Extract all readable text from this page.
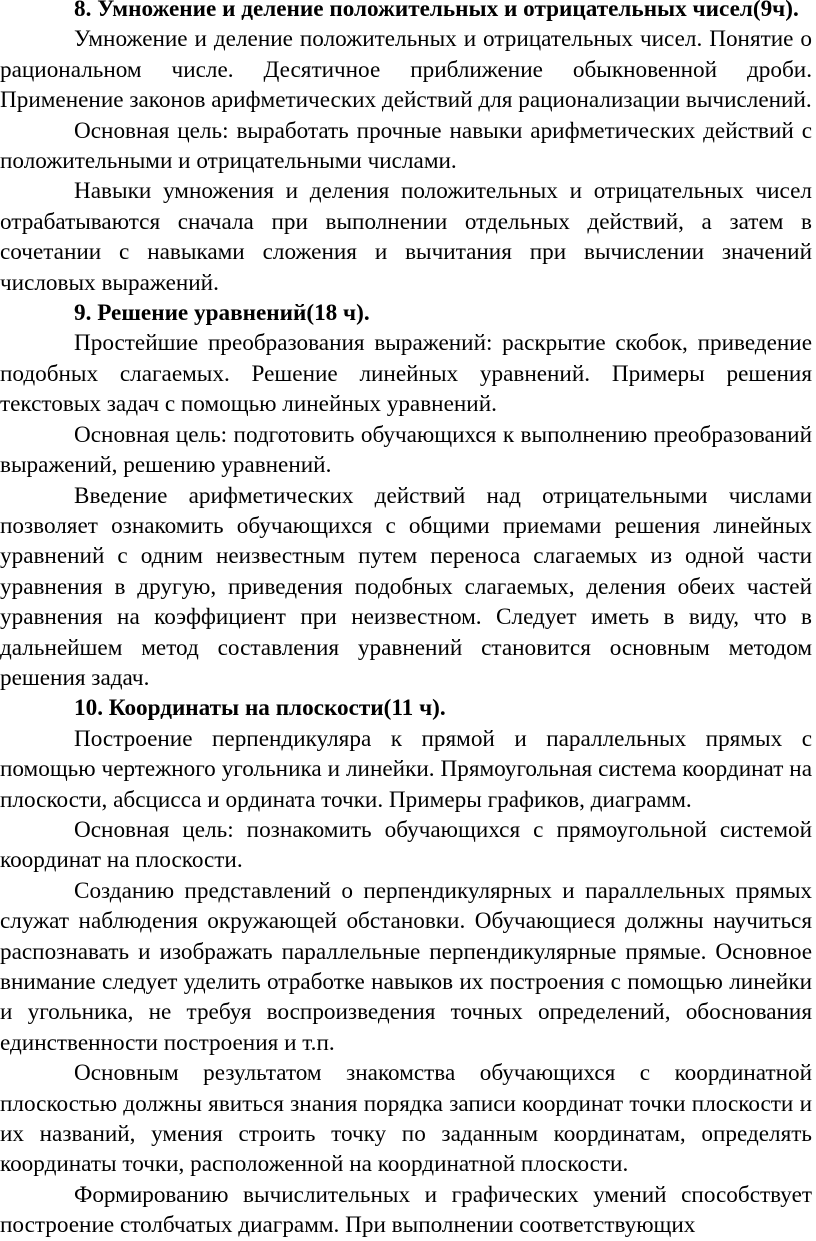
8. Умножение и деление положительных и отрицательных чисел(9ч).

Умножение и деление положительных и отрицательных чисел. Понятие о рациональном числе. Десятичное приближение обыкновенной дроби. Применение законов арифметических действий для рационализации вычислений.

Основная цель: выработать прочные навыки арифметических действий с положительными и отрицательными числами.

Навыки умножения и деления положительных и отрицательных чисел отрабатываются сначала при выполнении отдельных действий, а затем в сочетании с навыками сложения и вычитания при вычислении значений числовых выражений.

9. Решение уравнений(18 ч).

Простейшие преобразования выражений: раскрытие скобок, приведение подобных слагаемых. Решение линейных уравнений. Примеры решения текстовых задач с помощью линейных уравнений.

Основная цель: подготовить обучающихся к выполнению преобразований выражений, решению уравнений.

Введение арифметических действий над отрицательными числами позволяет ознакомить обучающихся с общими приемами решения линейных уравнений с одним неизвестным путем переноса слагаемых из одной части уравнения в другую, приведения подобных слагаемых, деления обеих частей уравнения на коэффициент при неизвестном. Следует иметь в виду, что в дальнейшем метод составления уравнений становится основным методом решения задач.

10. Координаты на плоскости(11 ч).

Построение перпендикуляра к прямой и параллельных прямых с помощью чертежного угольника и линейки. Прямоугольная система координат на плоскости, абсцисса и ордината точки. Примеры графиков, диаграмм.

Основная цель: познакомить обучающихся с прямоугольной системой координат на плоскости.

Созданию представлений о перпендикулярных и параллельных прямых служат наблюдения окружающей обстановки. Обучающиеся должны научиться распознавать и изображать параллельные перпендикулярные прямые. Основное внимание следует уделить отработке навыков их построения с помощью линейки и угольника, не требуя воспроизведения точных определений, обоснования единственности построения и т.п.

Основным результатом знакомства обучающихся с координатной плоскостью должны явиться знания порядка записи координат точки плоскости и их названий, умения строить точку по заданным координатам, определять координаты точки, расположенной на координатной плоскости.

Формированию вычислительных и графических умений способствует построение столбчатых диаграмм. При выполнении соответствующих
